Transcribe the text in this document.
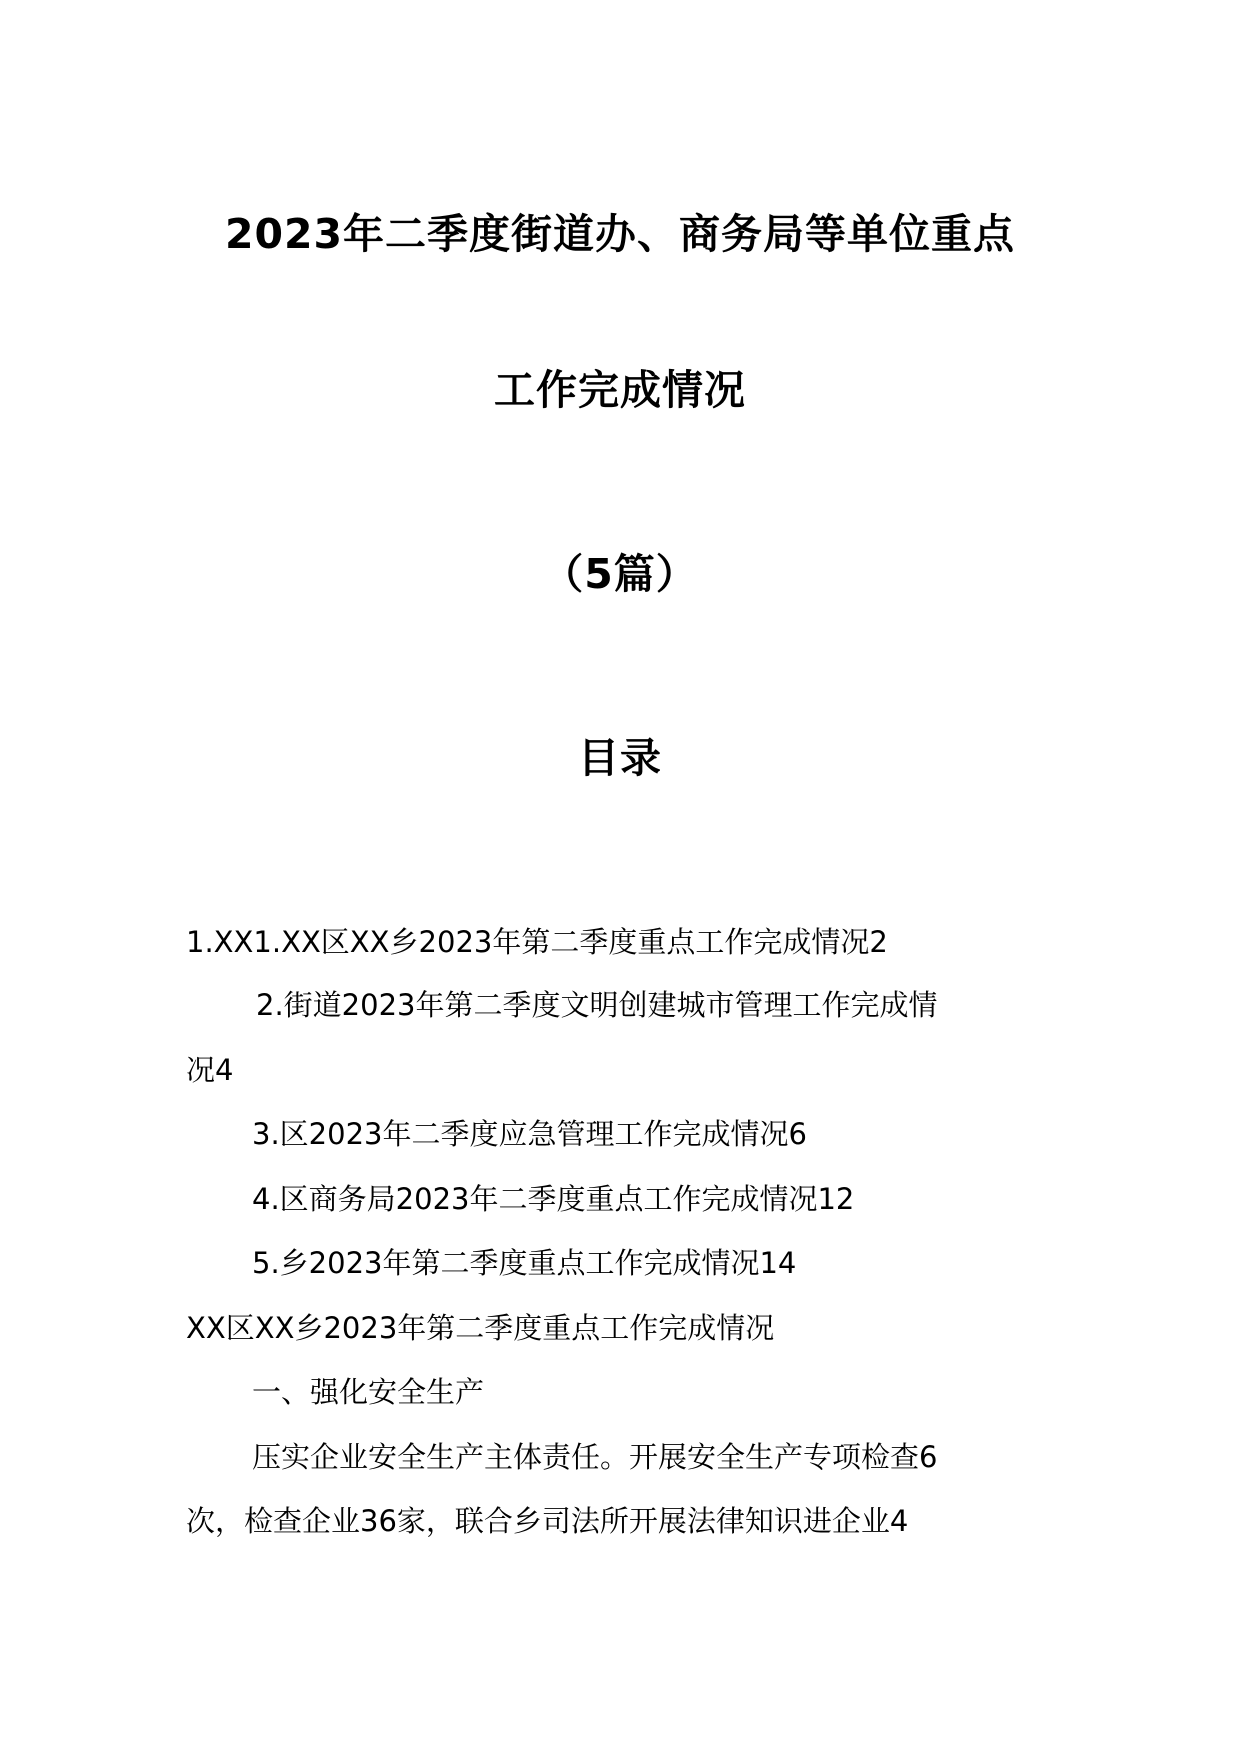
2023年二季度街道办、商务局等单位重点
工作完成情况
（5篇）
目录
1.XX1.XX区XX乡2023年第二季度重点工作完成情况2
2.街道2023年第二季度文明创建城市管理工作完成情
况4
3.区2023年二季度应急管理工作完成情况6
4.区商务局2023年二季度重点工作完成情况12
5.乡2023年第二季度重点工作完成情况14
XX区XX乡2023年第二季度重点工作完成情况
一、强化安全生产
压实企业安全生产主体责任。开展安全生产专项检查6
次，检查企业36家，联合乡司法所开展法律知识进企业4
